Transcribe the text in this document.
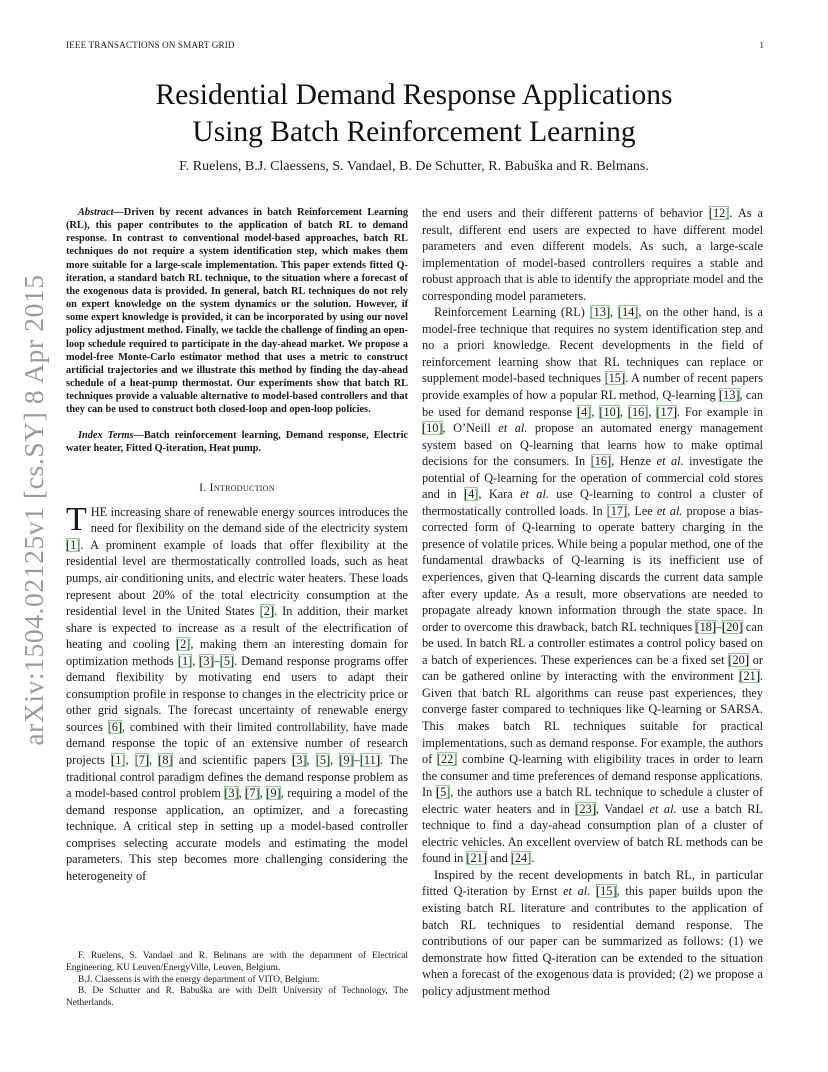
IEEE TRANSACTIONS ON SMART GRID	1
Residential Demand Response Applications
Using Batch Reinforcement Learning
F. Ruelens, B.J. Claessens, S. Vandael, B. De Schutter, R. Babuška and R. Belmans.
arXiv:1504.02125v1 [cs.SY] 8 Apr 2015

Abstract—Driven by recent advances in batch Reinforcement Learning (RL), this paper contributes to the application of batch RL to demand response. In contrast to conventional model-based approaches, batch RL techniques do not require a system identification step, which makes them more suitable for a large-scale implementation. This paper extends fitted Q-iteration, a standard batch RL technique, to the situation where a forecast of the exogenous data is provided. In general, batch RL techniques do not rely on expert knowledge on the system dynamics or the solution. However, if some expert knowledge is provided, it can be incorporated by using our novel policy adjustment method. Finally, we tackle the challenge of finding an open-loop schedule required to participate in the day-ahead market. We propose a model-free Monte-Carlo estimator method that uses a metric to construct artificial trajectories and we illustrate this method by finding the day-ahead schedule of a heat-pump thermostat. Our experiments show that batch RL techniques provide a valuable alternative to model-based controllers and that they can be used to construct both closed-loop and open-loop policies.

Index Terms—Batch reinforcement learning, Demand response, Electric water heater, Fitted Q-iteration, Heat pump.

I. Introduction

THE increasing share of renewable energy sources introduces the need for flexibility on the demand side of the electricity system [1]. A prominent example of loads that offer flexibility at the residential level are thermostatically controlled loads, such as heat pumps, air conditioning units, and electric water heaters. These loads represent about 20% of the total electricity consumption at the residential level in the United States [2]. In addition, their market share is expected to increase as a result of the electrification of heating and cooling [2], making them an interesting domain for optimization methods [1], [3]–[5]. Demand response programs offer demand flexibility by motivating end users to adapt their consumption profile in response to changes in the electricity price or other grid signals. The forecast uncertainty of renewable energy sources [6], combined with their limited controllability, have made demand response the topic of an extensive number of research projects [1], [7], [8] and scientific papers [3], [5], [9]–[11]. The traditional control paradigm defines the demand response problem as a model-based control problem [3], [7], [9], requiring a model of the demand response application, an optimizer, and a forecasting technique. A critical step in setting up a model-based controller comprises selecting accurate models and estimating the model parameters. This step becomes more challenging considering the heterogeneity of

the end users and their different patterns of behavior [12]. As a result, different end users are expected to have different model parameters and even different models. As such, a large-scale implementation of model-based controllers requires a stable and robust approach that is able to identify the appropriate model and the corresponding model parameters.

Reinforcement Learning (RL) [13], [14], on the other hand, is a model-free technique that requires no system identification step and no a priori knowledge. Recent developments in the field of reinforcement learning show that RL techniques can replace or supplement model-based techniques [15]. A number of recent papers provide examples of how a popular RL method, Q-learning [13], can be used for demand response [4], [10], [16], [17]. For example in [10], O’Neill et al. propose an automated energy management system based on Q-learning that learns how to make optimal decisions for the consumers. In [16], Henze et al. investigate the potential of Q-learning for the operation of commercial cold stores and in [4], Kara et al. use Q-learning to control a cluster of thermostatically controlled loads. In [17], Lee et al. propose a bias-corrected form of Q-learning to operate battery charging in the presence of volatile prices. While being a popular method, one of the fundamental drawbacks of Q-learning is its inefficient use of experiences, given that Q-learning discards the current data sample after every update. As a result, more observations are needed to propagate already known information through the state space. In order to overcome this drawback, batch RL techniques [18]–[20] can be used. In batch RL a controller estimates a control policy based on a batch of experiences. These experiences can be a fixed set [20] or can be gathered online by interacting with the environment [21]. Given that batch RL algorithms can reuse past experiences, they converge faster compared to techniques like Q-learning or SARSA. This makes batch RL techniques suitable for practical implementations, such as demand response. For example, the authors of [22] combine Q-learning with eligibility traces in order to learn the consumer and time preferences of demand response applications. In [5], the authors use a batch RL technique to schedule a cluster of electric water heaters and in [23], Vandael et al. use a batch RL technique to find a day-ahead consumption plan of a cluster of electric vehicles. An excellent overview of batch RL methods can be found in [21] and [24].

Inspired by the recent developments in batch RL, in particular fitted Q-iteration by Ernst et al. [15], this paper builds upon the existing batch RL literature and contributes to the application of batch RL techniques to residential demand response. The contributions of our paper can be summarized as follows: (1) we demonstrate how fitted Q-iteration can be extended to the situation when a forecast of the exogenous data is provided; (2) we propose a policy adjustment method

F. Ruelens, S. Vandael and R. Belmans are with the department of Electrical Engineering, KU Leuven/EnergyVille, Leuven, Belgium.

B.J. Claessens is with the energy department of VITO, Belgium.

B. De Schutter and R. Babuška are with Delft University of Technology, The Netherlands.
